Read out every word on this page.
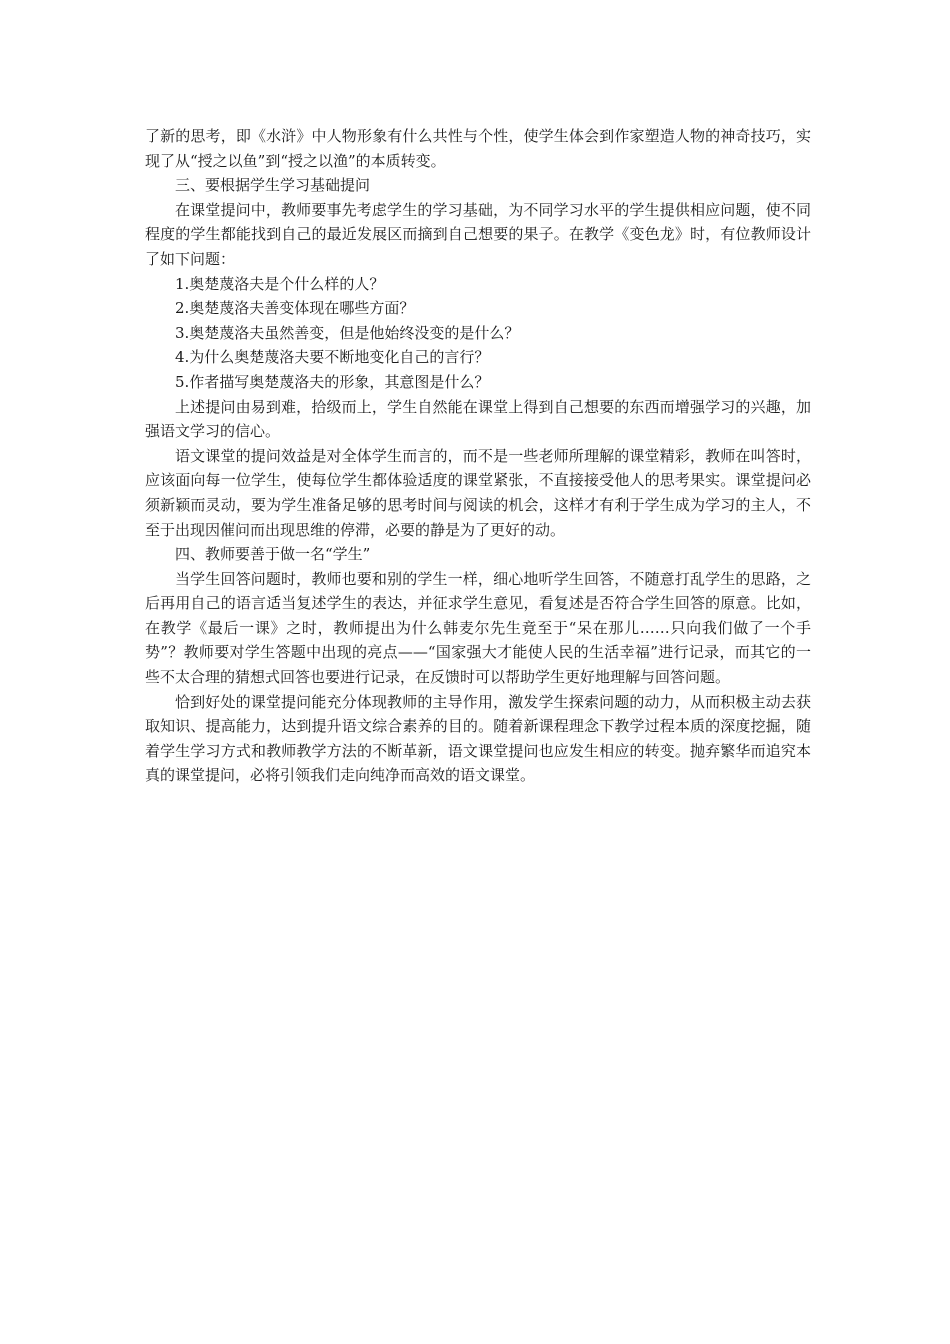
了新的思考，即《水浒》中人物形象有什么共性与个性，使学生体会到作家塑造人物的神奇技巧，实现了从“授之以鱼”到“授之以渔”的本质转变。

三、要根据学生学习基础提问

在课堂提问中，教师要事先考虑学生的学习基础，为不同学习水平的学生提供相应问题，使不同程度的学生都能找到自己的最近发展区而摘到自己想要的果子。在教学《变色龙》时，有位教师设计了如下问题：

1.奥楚蔑洛夫是个什么样的人？

2.奥楚蔑洛夫善变体现在哪些方面？

3.奥楚蔑洛夫虽然善变，但是他始终没变的是什么？

4.为什么奥楚蔑洛夫要不断地变化自己的言行？

5.作者描写奥楚蔑洛夫的形象，其意图是什么？

上述提问由易到难，拾级而上，学生自然能在课堂上得到自己想要的东西而增强学习的兴趣，加强语文学习的信心。

语文课堂的提问效益是对全体学生而言的，而不是一些老师所理解的课堂精彩，教师在叫答时，应该面向每一位学生，使每位学生都体验适度的课堂紧张，不直接接受他人的思考果实。课堂提问必须新颖而灵动，要为学生准备足够的思考时间与阅读的机会，这样才有利于学生成为学习的主人，不至于出现因催问而出现思维的停滞，必要的静是为了更好的动。

四、教师要善于做一名“学生”

当学生回答问题时，教师也要和别的学生一样，细心地听学生回答，不随意打乱学生的思路，之后再用自己的语言适当复述学生的表达，并征求学生意见，看复述是否符合学生回答的原意。比如，在教学《最后一课》之时，教师提出为什么韩麦尔先生竟至于“呆在那儿……只向我们做了一个手势”？教师要对学生答题中出现的亮点——“国家强大才能使人民的生活幸福”进行记录，而其它的一些不太合理的猜想式回答也要进行记录，在反馈时可以帮助学生更好地理解与回答问题。

恰到好处的课堂提问能充分体现教师的主导作用，激发学生探索问题的动力，从而积极主动去获取知识、提高能力，达到提升语文综合素养的目的。随着新课程理念下教学过程本质的深度挖掘，随着学生学习方式和教师教学方法的不断革新，语文课堂提问也应发生相应的转变。抛弃繁华而追究本真的课堂提问，必将引领我们走向纯净而高效的语文课堂。
